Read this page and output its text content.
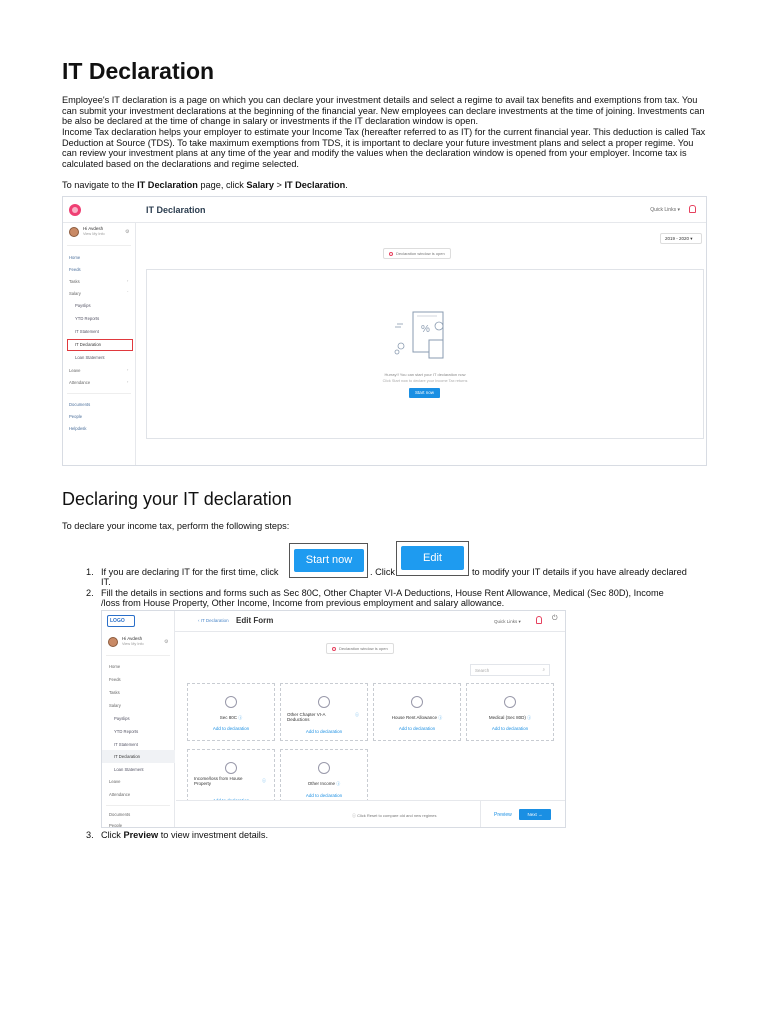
IT Declaration
Employee's IT declaration is a page on which you can declare your investment details and select a regime to avail tax benefits and exemptions from tax. You can submit your investment declarations at the beginning of the financial year. New employees can declare investments at the time of joining. Investments can be also be declared at the time of change in salary or investments if the IT declaration window is open.
Income Tax declaration helps your employer to estimate your Income Tax (hereafter referred to as IT) for the current financial year. This deduction is called Tax Deduction at Source (TDS). To take maximum exemptions from TDS, it is important to declare your future investment plans and select a proper regime. You can review your investment plans at any time of the year and modify the values when the declaration window is opened from your employer. Income tax is calculated based on the declarations and regime selected.
To navigate to the IT Declaration page, click Salary > IT Declaration.
IT Declaration	Quick Links ▾
Hi Avdesh
View My Info	⚙
Home
Feeds
Tasks	›
Salary	ˇ
Payslips
YTD Reports
IT Statement
IT Declaration
Loan Statement
Leave	›
Attendance	›
Documents
People
Helpdesk
2019 - 2020 ▾
Declaration window is open
%
Hurray!! You can start your IT declaration now
Click Start now to declare your Income Tax returns
Start now
Declaring your IT declaration
To declare your income tax, perform the following steps:
1. If you are declaring IT for the first time, click
Start now
. Click
Edit
to modify your IT details if you have already declared
IT.
2. Fill the details in sections and forms such as Sec 80C, Other Chapter VI-A Deductions, House Rent Allowance, Medical (Sec 80D), Income
/loss from House Property, Other Income, Income from previous employment and salary allowance.
‹ IT Declaration Edit Form	Quick Links ▾	⏻
LOGO
Hi Avdesh
View My Info	⚙
Home
Feeds
Tasks
Salary
Payslips
YTD Reports
IT Statement
IT Declaration
Loan Statement
Leave
Attendance
Documents
People
Declaration window is open
Search	⌕
Sec 80C ⓘ
Add to declaration
Other Chapter VI-A Deductions
ⓘ
Add to declaration
House Rent Allowance ⓘ
Add to declaration
Medical (Sec 80D) ⓘ
Add to declaration
Income/loss from House Property
ⓘ
Other Income ⓘ
Add to declaration
ⓘ Click Reset to compare old and new regimes	Preview	Next →
3. Click Preview to view investment details.
